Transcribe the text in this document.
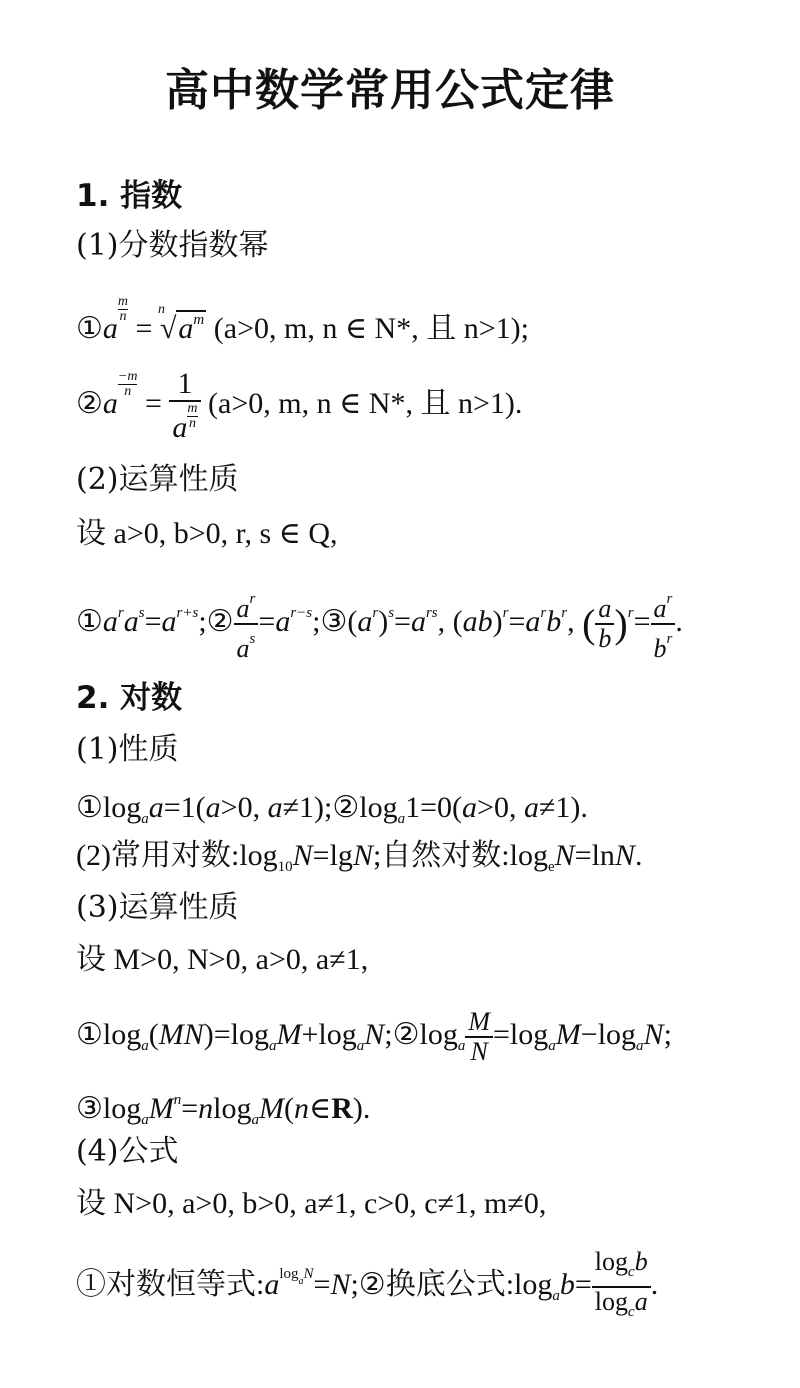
高中数学常用公式定律
1. 指数
(1)分数指数幂
①a
$\frac{m}{n}$
=
n
$√a^m$ (a>0, m, n ∈ N*, 且 n>1);
②a
$\frac{-m}{n}$
= $\frac{1}{a \frac{m}{n}} (a>0$, m, n ∈ N*, 且 n>1).
(2)运算性质
设 a>0, b>0, r, s ∈ Q,
$①a^ra^s=a^{r+s};② \frac{a^r}{a^s}$ $=a^{r-s};③(a^r)^s=a^{rs}$, $(ab)^r=a^rb^r$, ( $\frac{a}{b} )^r= \frac{a^r}{b^r}$ .
2. 对数
(1)性质
$①\log_aa=1(a>0$, $a\ne 1);②\log_a1=0(a>0$, a≠1).
(2)常用对数$:\log_{10}N=\lg N$;自然对数$:\log_eN=\ln N$.
(3)运算性质
设 M>0, N>0, a>0, a≠1,
$①\log_a(MN)=\log_aM+\log_aN;②\log_a \frac{M}{N} =\log_aM-\log_aN$;
$③\log_aM^n=nlog_aM(n\in R)$.
(4)公式
设 N>0, a>0, b>0, a≠1, c>0, c≠1, m≠0,
①对数恒等式$:a^{log_aN}=N;②$换底公式$:\log_ab= \frac{\log_cb}{\log_ca}$ .
